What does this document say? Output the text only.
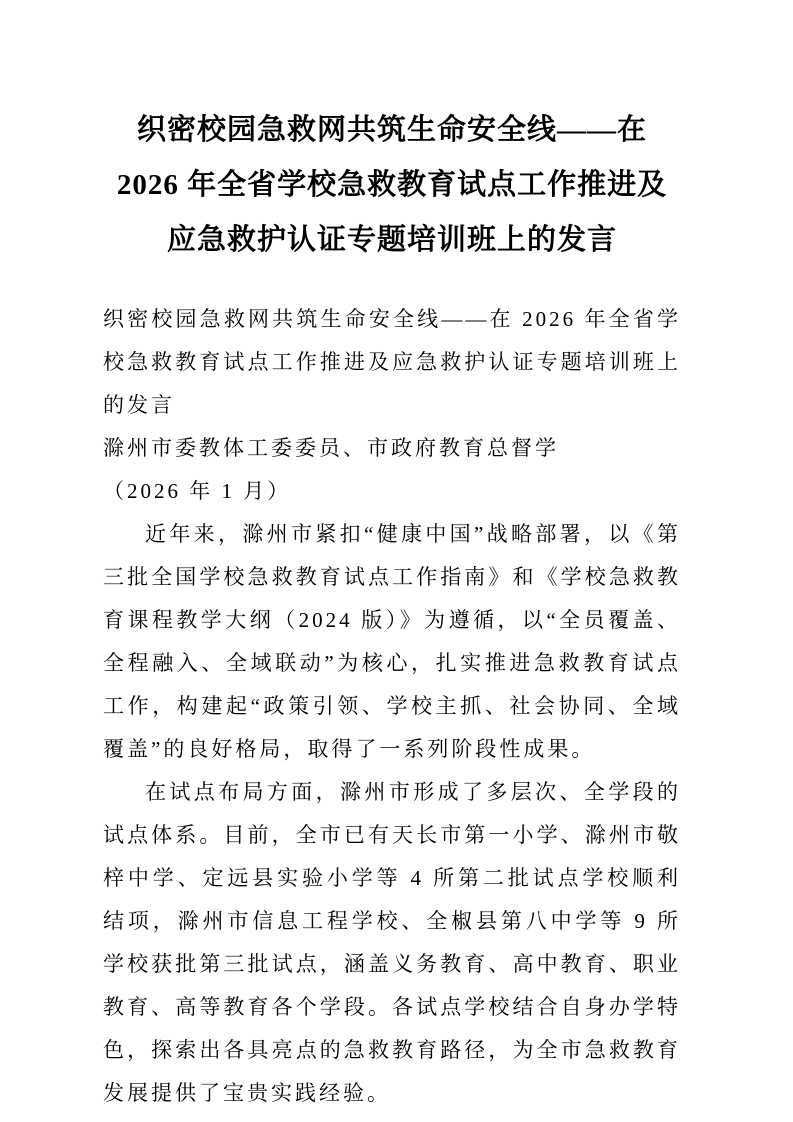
织密校园急救网共筑生命安全线——在 2026 年全省学校急救教育试点工作推进及应急救护认证专题培训班上的发言

织密校园急救网共筑生命安全线——在 2026 年全省学校急救教育试点工作推进及应急救护认证专题培训班上的发言

滁州市委教体工委委员、市政府教育总督学

（2026 年 1 月）

近年来，滁州市紧扣“健康中国”战略部署，以《第三批全国学校急救教育试点工作指南》和《学校急救教育课程教学大纲（2024 版）》为遵循，以“全员覆盖、全程融入、全域联动”为核心，扎实推进急救教育试点工作，构建起“政策引领、学校主抓、社会协同、全域覆盖”的良好格局，取得了一系列阶段性成果。

在试点布局方面，滁州市形成了多层次、全学段的试点体系。目前，全市已有天长市第一小学、滁州市敬梓中学、定远县实验小学等 4 所第二批试点学校顺利结项，滁州市信息工程学校、全椒县第八中学等 9 所学校获批第三批试点，涵盖义务教育、高中教育、职业教育、高等教育各个学段。各试点学校结合自身办学特色，探索出各具亮点的急救教育路径，为全市急救教育发展提供了宝贵实践经验。
